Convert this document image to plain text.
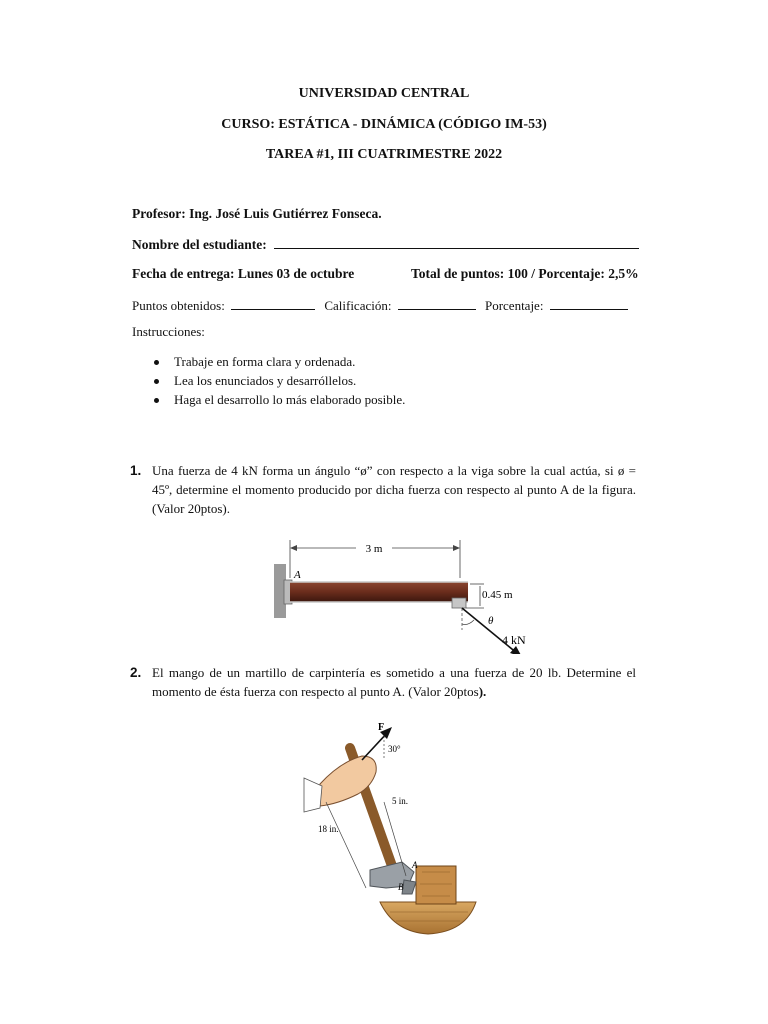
UNIVERSIDAD CENTRAL
CURSO: ESTÁTICA - DINÁMICA (CÓDIGO IM-53)
TAREA #1, III CUATRIMESTRE 2022
Profesor: Ing. José Luis Gutiérrez Fonseca.
Nombre del estudiante:
Fecha de entrega: Lunes 03 de octubre	Total de puntos: 100 / Porcentaje: 2,5%
Puntos obtenidos:	Calificación:	Porcentaje:
Instrucciones:
Trabaje en forma clara y ordenada.
Lea los enunciados y desarróllelos.
Haga el desarrollo lo más elaborado posible.
1. Una fuerza de 4 kN forma un ángulo “ø” con respecto a la viga sobre la cual actúa, si ø = 45º, determine el momento producido por dicha fuerza con respecto al punto A de la figura. (Valor 20ptos).
3 m
A
0.45 m
θ
4 kN
2. El mango de un martillo de carpintería es sometido a una fuerza de 20 lb. Determine el momento de ésta fuerza con respecto al punto A. (Valor 20ptos).
F
30°
5 in.
18 in.
A
B
